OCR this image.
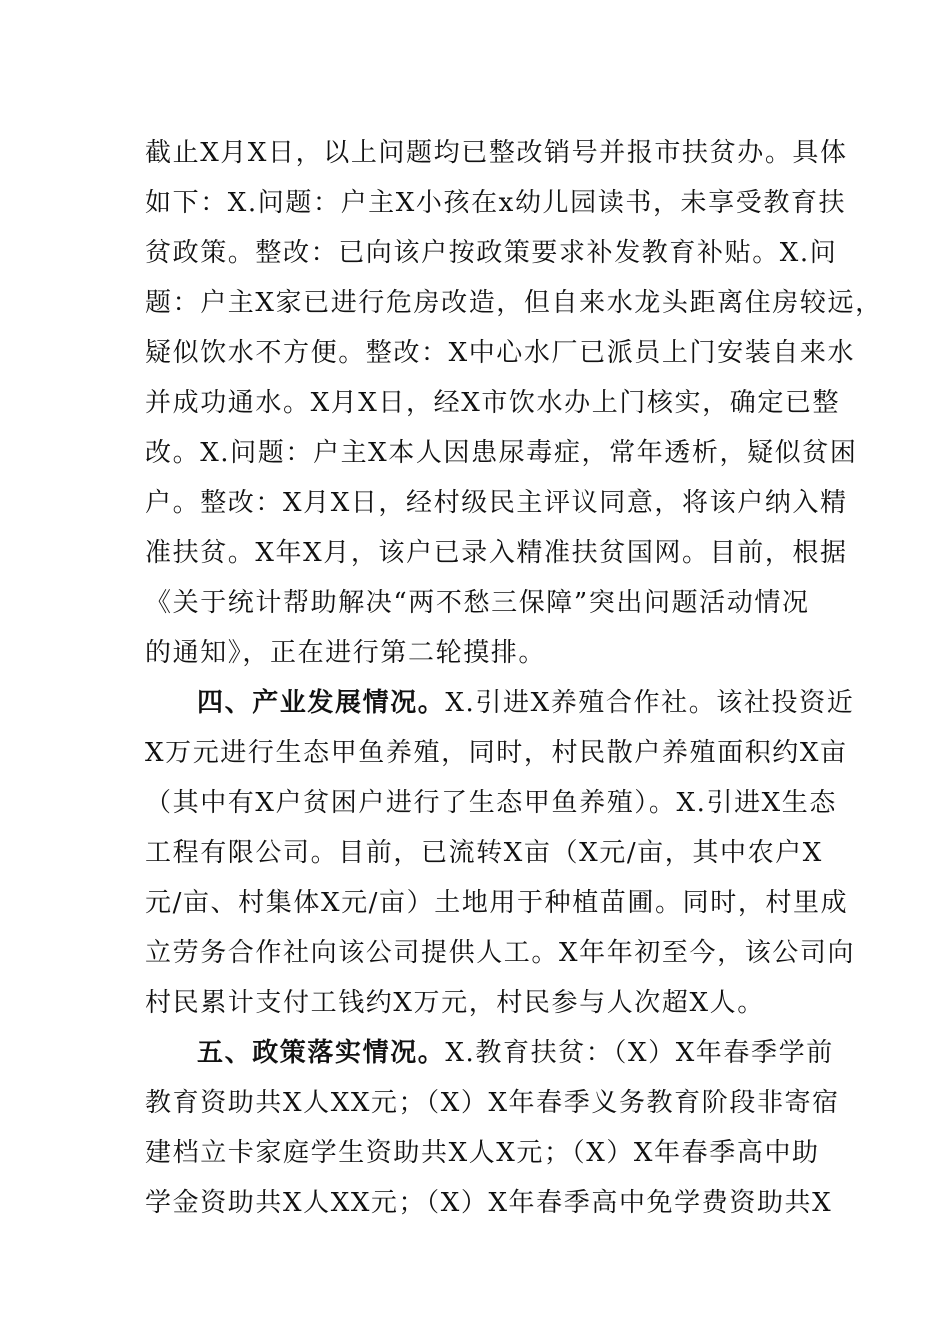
截止X月X日，以上问题均已整改销号并报市扶贫办。具体
如下：X.问题：户主X小孩在x幼儿园读书，未享受教育扶
贫政策。整改：已向该户按政策要求补发教育补贴。X.问
题：户主X家已进行危房改造，但自来水龙头距离住房较远，
疑似饮水不方便。整改：X中心水厂已派员上门安装自来水
并成功通水。X月X日，经X市饮水办上门核实，确定已整
改。X.问题：户主X本人因患尿毒症，常年透析，疑似贫困
户。整改：X月X日，经村级民主评议同意，将该户纳入精
准扶贫。X年X月，该户已录入精准扶贫国网。目前，根据
《关于统计帮助解决“两不愁三保障”突出问题活动情况
的通知》，正在进行第二轮摸排。
四、产业发展情况。X.引进X养殖合作社。该社投资近
X万元进行生态甲鱼养殖，同时，村民散户养殖面积约X亩
（其中有X户贫困户进行了生态甲鱼养殖）。X.引进X生态
工程有限公司。目前，已流转X亩（X元/亩，其中农户X
元/亩、村集体X元/亩）土地用于种植苗圃。同时，村里成
立劳务合作社向该公司提供人工。X年年初至今，该公司向
村民累计支付工钱约X万元，村民参与人次超X人。
五、政策落实情况。X.教育扶贫：（X）X年春季学前
教育资助共X人XX元；（X）X年春季义务教育阶段非寄宿
建档立卡家庭学生资助共X人X元；（X）X年春季高中助
学金资助共X人XX元；（X）X年春季高中免学费资助共X
